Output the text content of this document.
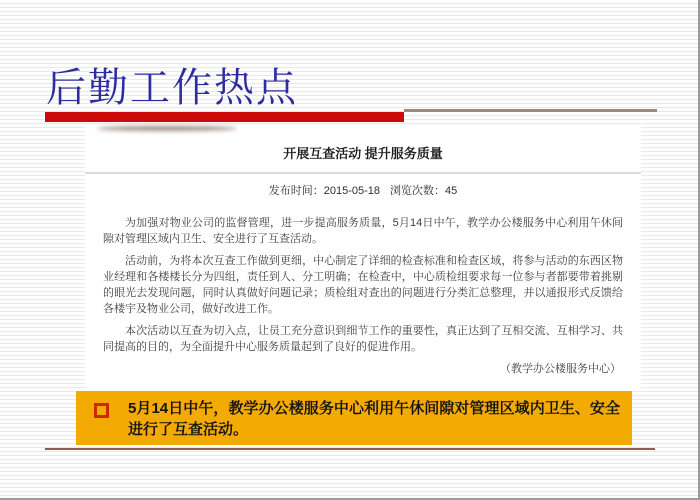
后勤工作热点
开展互查活动 提升服务质量
发布时间：2015-05-18 浏览次数：45

为加强对物业公司的监督管理，进一步提高服务质量，5月14日中午，教学办公楼服务中心利用午休间隙对管理区域内卫生、安全进行了互查活动。

活动前，为将本次互查工作做到更细，中心制定了详细的检查标准和检查区域，将参与活动的东西区物业经理和各楼楼长分为四组，责任到人、分工明确；在检查中，中心质检组要求每一位参与者都要带着挑剔的眼光去发现问题，同时认真做好问题记录；质检组对查出的问题进行分类汇总整理，并以通报形式反馈给各楼宇及物业公司，做好改进工作。

本次活动以互查为切入点，让员工充分意识到细节工作的重要性，真正达到了互相交流、互相学习、共同提高的目的，为全面提升中心服务质量起到了良好的促进作用。

（教学办公楼服务中心）
5月14日中午，教学办公楼服务中心利用午休间隙对管理区域内卫生、安全进行了互查活动。
